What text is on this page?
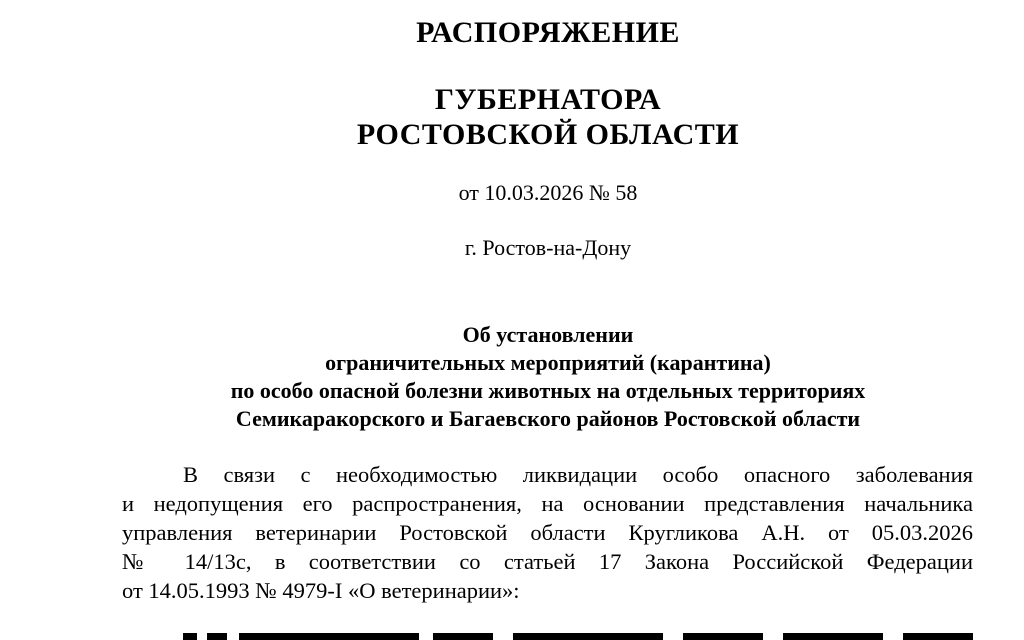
РАСПОРЯЖЕНИЕ
ГУБЕРНАТОРА
РОСТОВСКОЙ ОБЛАСТИ
от 10.03.2026 № 58
г. Ростов-на-Дону
Об установлении
ограничительных мероприятий (карантина)
по особо опасной болезни животных на отдельных территориях
Семикаракорского и Багаевского районов Ростовской области
В связи с необходимостью ликвидации особо опасного заболевания
и недопущения его распространения, на основании представления начальника
управления ветеринарии Ростовской области Кругликова А.Н. от 05.03.2026
№ 14/13с, в соответствии со статьей 17 Закона Российской Федерации
от 14.05.1993 № 4979-I «О ветеринарии»:
